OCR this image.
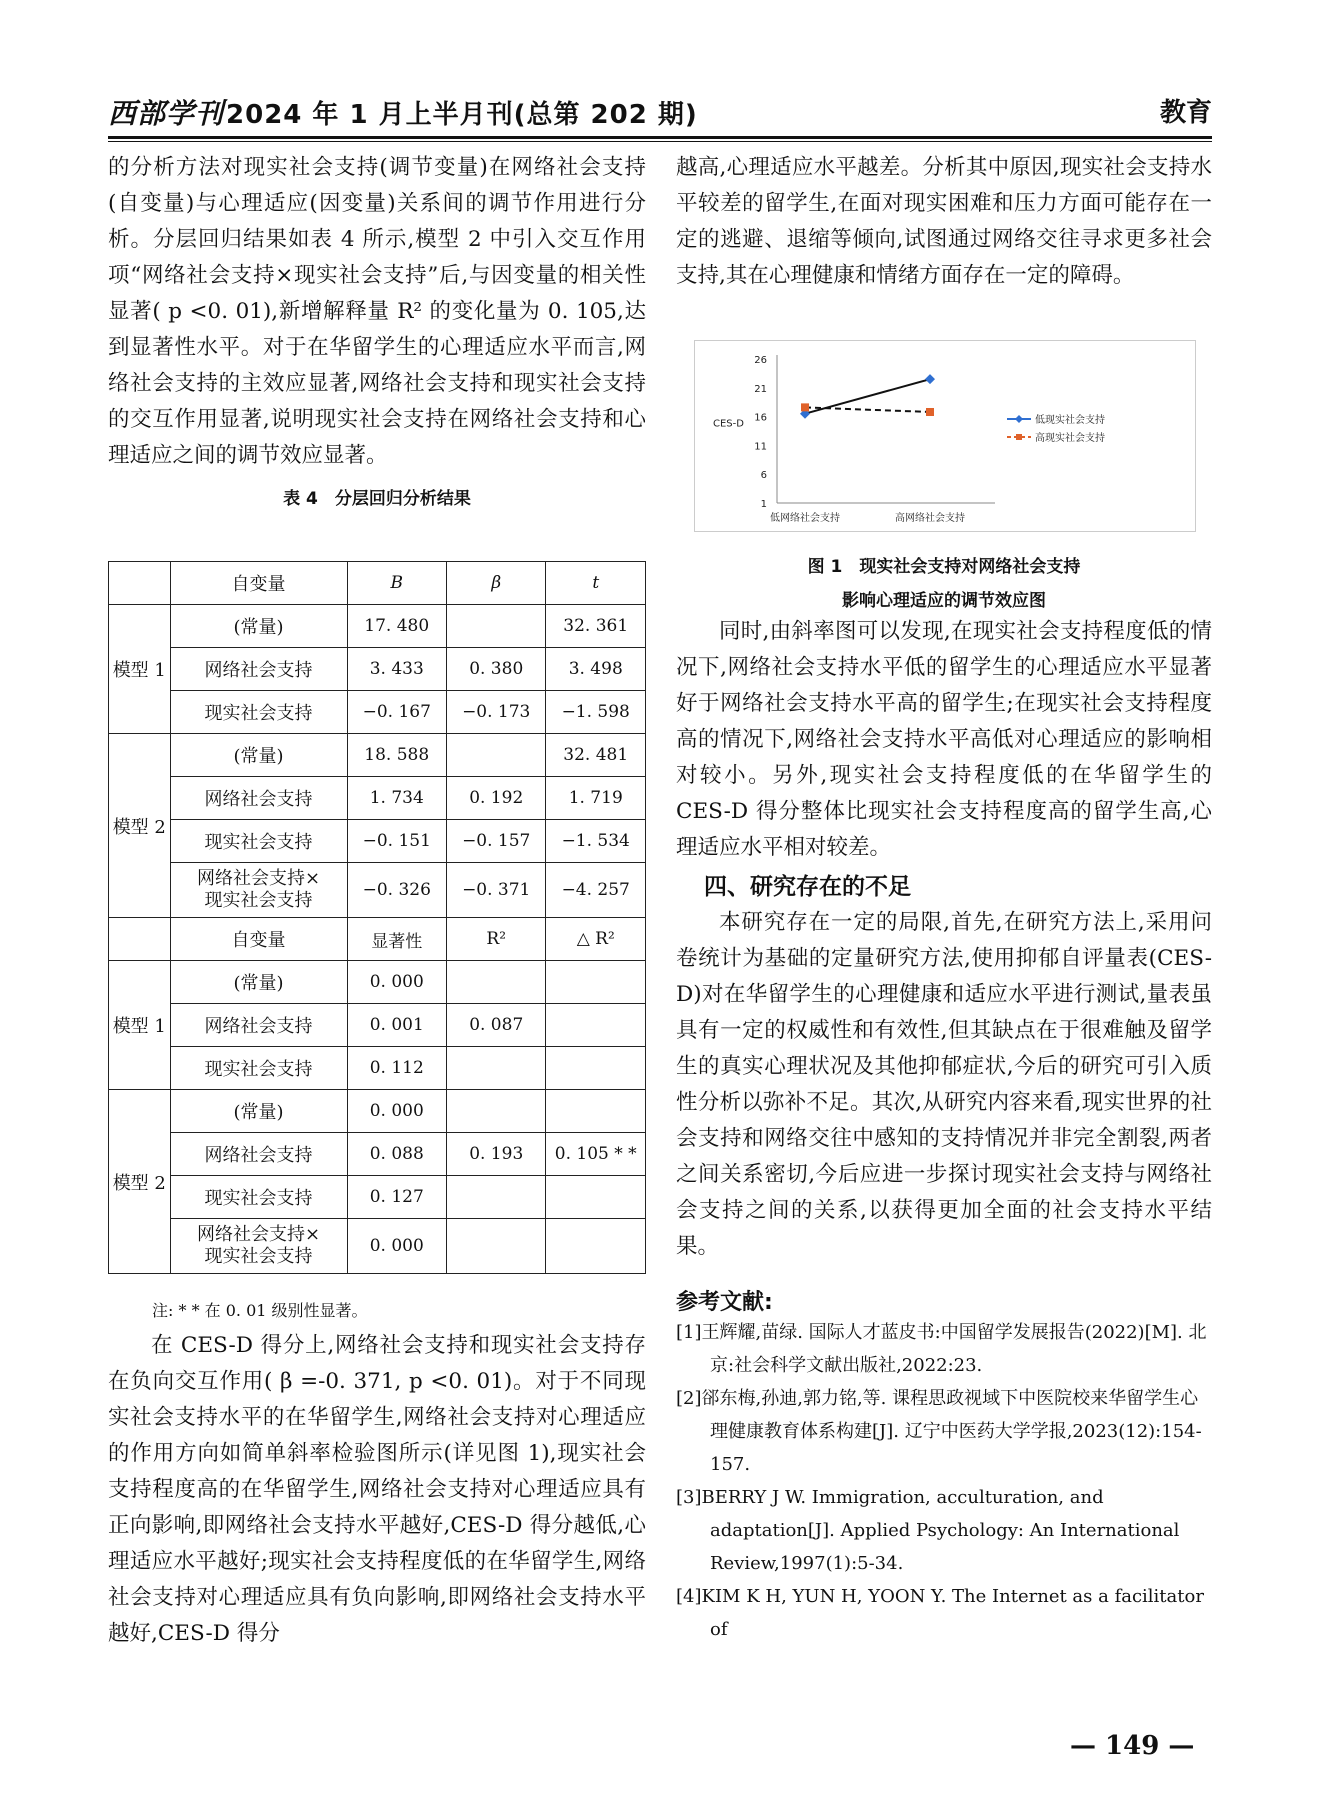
西部学刊2024 年 1 月上半月刊(总第 202 期)	教育

的分析方法对现实社会支持(调节变量)在网络社会支持(自变量)与心理适应(因变量)关系间的调节作用进行分析。分层回归结果如表 4 所示,模型 2 中引入交互作用项“网络社会支持×现实社会支持”后,与因变量的相关性显著( p <0. 01),新增解释量 R² 的变化量为 0. 105,达到显著性水平。对于在华留学生的心理适应水平而言,网络社会支持的主效应显著,网络社会支持和现实社会支持的交互作用显著,说明现实社会支持在网络社会支持和心理适应之间的调节效应显著。

表 4　分层回归分析结果
	自变量	B	β	t
模型 1	(常量)	17. 480		32. 361
	网络社会支持	3. 433	0. 380	3. 498
	现实社会支持	−0. 167	−0. 173	−1. 598
模型 2	(常量)	18. 588		32. 481
	网络社会支持	1. 734	0. 192	1. 719
	现实社会支持	−0. 151	−0. 157	−1. 534

	网络社会支持×
现实社会支持	−0. 326	−0. 371	−4. 257
	自变量	显著性	R²	△ R²
模型 1	(常量)	0. 000		
	网络社会支持	0. 001	0. 087	
	现实社会支持	0. 112		
模型 2	(常量)	0. 000		
	网络社会支持	0. 088	0. 193	0. 105 * *
	现实社会支持	0. 127		

	网络社会支持×
现实社会支持	0. 000		
注: * * 在 0. 01 级别性显著。

在 CES-D 得分上,网络社会支持和现实社会支持存在负向交互作用( β =-0. 371, p <0. 01)。对于不同现实社会支持水平的在华留学生,网络社会支持对心理适应的作用方向如简单斜率检验图所示(详见图 1),现实社会支持程度高的在华留学生,网络社会支持对心理适应具有正向影响,即网络社会支持水平越好,CES-D 得分越低,心理适应水平越好;现实社会支持程度低的在华留学生,网络社会支持对心理适应具有负向影响,即网络社会支持水平越好,CES-D 得分

越高,心理适应水平越差。分析其中原因,现实社会支持水平较差的留学生,在面对现实困难和压力方面可能存在一定的逃避、退缩等倾向,试图通过网络交往寻求更多社会支持,其在心理健康和情绪方面存在一定的障碍。

1
6
11
16
21
26
CES-D
低网络社会支持	高网络社会支持
低现实社会支持
高现实社会支持
图 1　现实社会支持对网络社会支持
影响心理适应的调节效应图

同时,由斜率图可以发现,在现实社会支持程度低的情况下,网络社会支持水平低的留学生的心理适应水平显著好于网络社会支持水平高的留学生;在现实社会支持程度高的情况下,网络社会支持水平高低对心理适应的影响相对较小。另外,现实社会支持程度低的在华留学生的 CES-D 得分整体比现实社会支持程度高的留学生高,心理适应水平相对较差。

四、研究存在的不足

本研究存在一定的局限,首先,在研究方法上,采用问卷统计为基础的定量研究方法,使用抑郁自评量表(CES-D)对在华留学生的心理健康和适应水平进行测试,量表虽具有一定的权威性和有效性,但其缺点在于很难触及留学生的真实心理状况及其他抑郁症状,今后的研究可引入质性分析以弥补不足。其次,从研究内容来看,现实世界的社会支持和网络交往中感知的支持情况并非完全割裂,两者之间关系密切,今后应进一步探讨现实社会支持与网络社会支持之间的关系,以获得更加全面的社会支持水平结果。

参考文献:

[1]王辉耀,苗绿. 国际人才蓝皮书:中国留学发展报告(2022)[M]. 北京:社会科学文献出版社,2022:23.

[2]郤东梅,孙迪,郭力铭,等. 课程思政视域下中医院校来华留学生心理健康教育体系构建[J]. 辽宁中医药大学学报,2023(12):154-157.

[3]BERRY J W. Immigration, acculturation, and adaptation[J]. Applied Psychology: An International Review,1997(1):5-34.

[4]KIM K H, YUN H, YOON Y. The Internet as a facilitator of

— 149 —
